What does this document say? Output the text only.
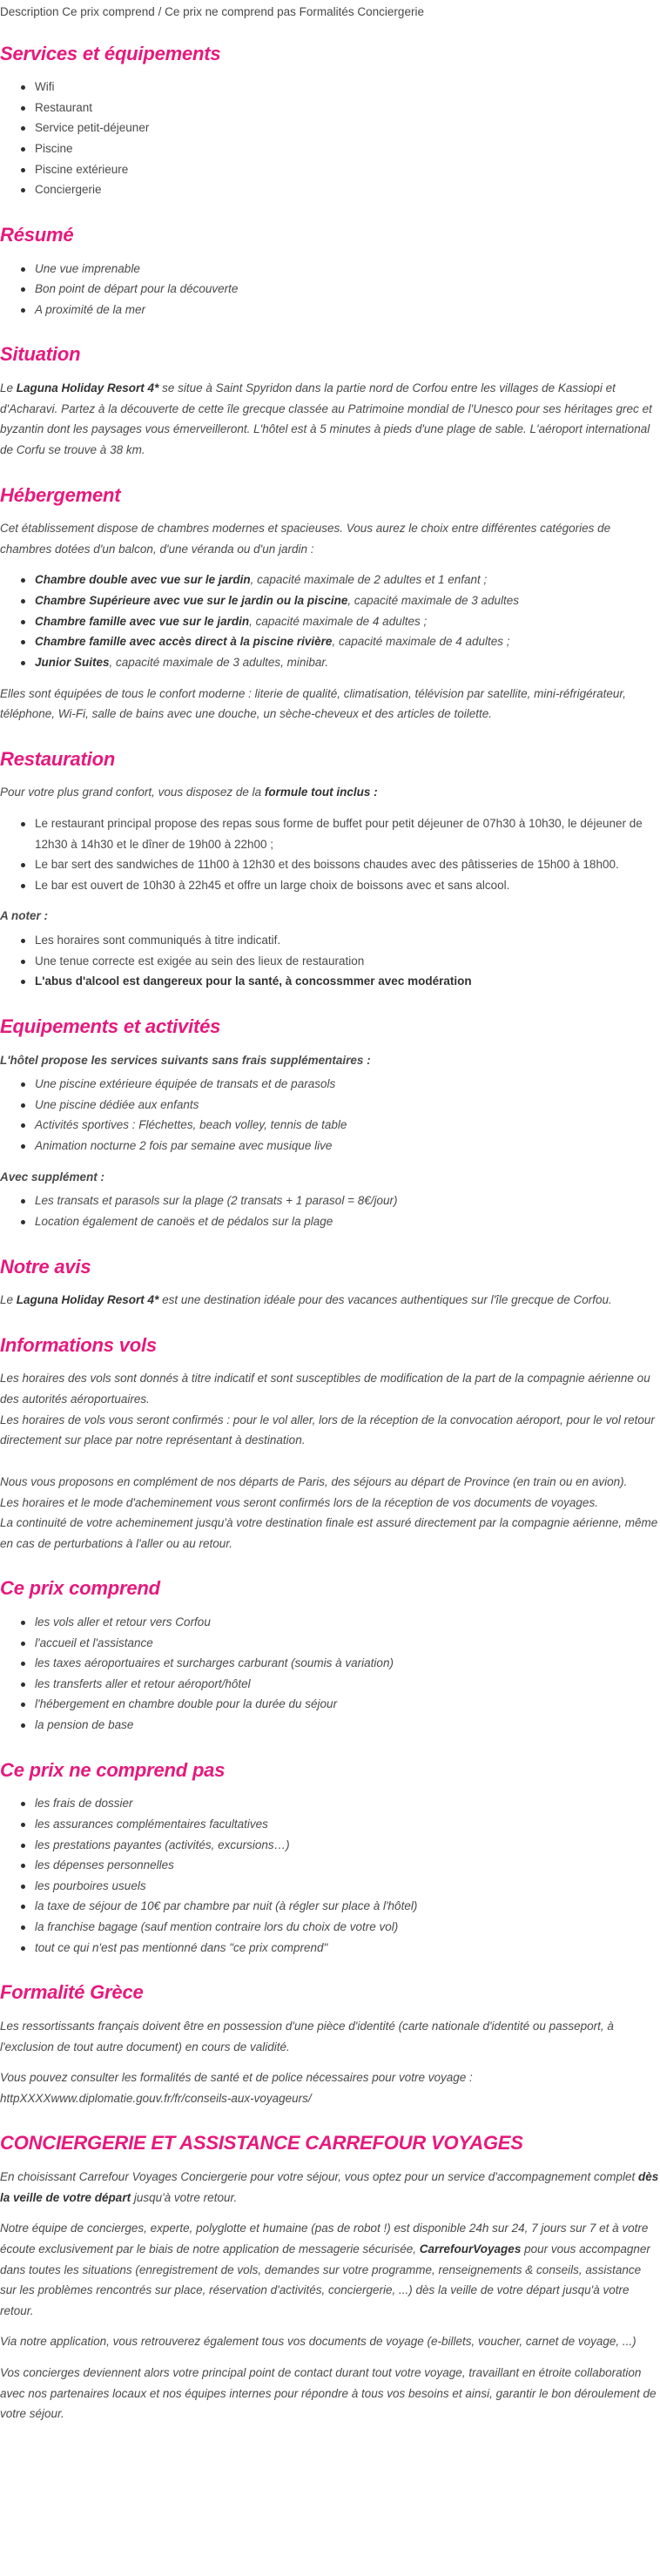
Description Ce prix comprend / Ce prix ne comprend pas Formalités Conciergerie
Services et équipements
Wifi
Restaurant
Service petit-déjeuner
Piscine
Piscine extérieure
Conciergerie
Résumé
Une vue imprenable
Bon point de départ pour la découverte
A proximité de la mer
Situation

Le Laguna Holiday Resort 4* se situe à Saint Spyridon dans la partie nord de Corfou entre les villages de Kassiopi et d'Acharavi. Partez à la découverte de cette île grecque classée au Patrimoine mondial de l'Unesco pour ses héritages grec et byzantin dont les paysages vous émerveilleront. L'hôtel est à 5 minutes à pieds d'une plage de sable. L'aéroport international de Corfu se trouve à 38 km.

Hébergement

Cet établissement dispose de chambres modernes et spacieuses. Vous aurez le choix entre différentes catégories de chambres dotées d'un balcon, d'une véranda ou d'un jardin :

Chambre double avec vue sur le jardin, capacité maximale de 2 adultes et 1 enfant ;
Chambre Supérieure avec vue sur le jardin ou la piscine, capacité maximale de 3 adultes
Chambre famille avec vue sur le jardin, capacité maximale de 4 adultes ;
Chambre famille avec accès direct à la piscine rivière, capacité maximale de 4 adultes ;
Junior Suites, capacité maximale de 3 adultes, minibar.

Elles sont équipées de tous le confort moderne : literie de qualité, climatisation, télévision par satellite, mini-réfrigérateur, téléphone, Wi-Fi, salle de bains avec une douche, un sèche-cheveux et des articles de toilette.

Restauration

Pour votre plus grand confort, vous disposez de la formule tout inclus :

Le restaurant principal propose des repas sous forme de buffet pour petit déjeuner de 07h30 à 10h30, le déjeuner de 12h30 à 14h30 et le dîner de 19h00 à 22h00 ;
Le bar sert des sandwiches de 11h00 à 12h30 et des boissons chaudes avec des pâtisseries de 15h00 à 18h00.
Le bar est ouvert de 10h30 à 22h45 et offre un large choix de boissons avec et sans alcool.
A noter :
Les horaires sont communiqués à titre indicatif.
Une tenue correcte est exigée au sein des lieux de restauration
L'abus d'alcool est dangereux pour la santé, à concossmmer avec modération
Equipements et activités
L'hôtel propose les services suivants sans frais supplémentaires :
Une piscine extérieure équipée de transats et de parasols
Une piscine dédiée aux enfants
Activités sportives : Fléchettes, beach volley, tennis de table
Animation nocturne 2 fois par semaine avec musique live
Avec supplément :
Les transats et parasols sur la plage (2 transats + 1 parasol = 8€/jour)
Location également de canoës et de pédalos sur la plage
Notre avis

Le Laguna Holiday Resort 4* est une destination idéale pour des vacances authentiques sur l'île grecque de Corfou.

Informations vols

Les horaires des vols sont donnés à titre indicatif et sont susceptibles de modification de la part de la compagnie aérienne ou des autorités aéroportuaires.
Les horaires de vols vous seront confirmés : pour le vol aller, lors de la réception de la convocation aéroport, pour le vol retour directement sur place par notre représentant à destination.

Nous vous proposons en complément de nos départs de Paris, des séjours au départ de Province (en train ou en avion).
Les horaires et le mode d'acheminement vous seront confirmés lors de la réception de vos documents de voyages.
La continuité de votre acheminement jusqu'à votre destination finale est assuré directement par la compagnie aérienne, même en cas de perturbations à l'aller ou au retour.

Ce prix comprend
les vols aller et retour vers Corfou
l'accueil et l'assistance
les taxes aéroportuaires et surcharges carburant (soumis à variation)
les transferts aller et retour aéroport/hôtel
l'hébergement en chambre double pour la durée du séjour
la pension de base
Ce prix ne comprend pas
les frais de dossier
les assurances complémentaires facultatives
les prestations payantes (activités, excursions…)
les dépenses personnelles
les pourboires usuels
la taxe de séjour de 10€ par chambre par nuit (à régler sur place à l'hôtel)
la franchise bagage (sauf mention contraire lors du choix de votre vol)
tout ce qui n'est pas mentionné dans "ce prix comprend"
Formalité Grèce

Les ressortissants français doivent être en possession d'une pièce d'identité (carte nationale d'identité ou passeport, à l'exclusion de tout autre document) en cours de validité.

Vous pouvez consulter les formalités de santé et de police nécessaires pour votre voyage :
httpXXXXwww.diplomatie.gouv.fr/fr/conseils-aux-voyageurs/

CONCIERGERIE ET ASSISTANCE CARREFOUR VOYAGES

En choisissant Carrefour Voyages Conciergerie pour votre séjour, vous optez pour un service d'accompagnement complet dès la veille de votre départ jusqu'à votre retour.

Notre équipe de concierges, experte, polyglotte et humaine (pas de robot !) est disponible 24h sur 24, 7 jours sur 7 et à votre écoute exclusivement par le biais de notre application de messagerie sécurisée, CarrefourVoyages pour vous accompagner dans toutes les situations (enregistrement de vols, demandes sur votre programme, renseignements & conseils, assistance sur les problèmes rencontrés sur place, réservation d'activités, conciergerie, ...) dès la veille de votre départ jusqu'à votre retour.

Via notre application, vous retrouverez également tous vos documents de voyage (e-billets, voucher, carnet de voyage, ...)

Vos concierges deviennent alors votre principal point de contact durant tout votre voyage, travaillant en étroite collaboration avec nos partenaires locaux et nos équipes internes pour répondre à tous vos besoins et ainsi, garantir le bon déroulement de votre séjour.
